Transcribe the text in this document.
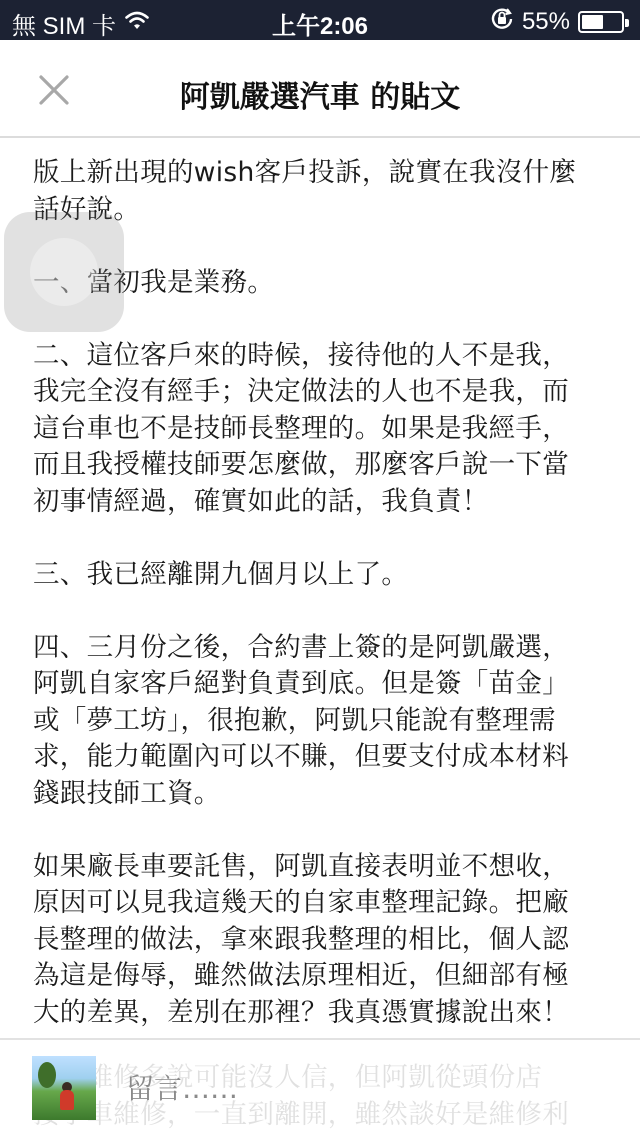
無 SIM 卡	上午2:06	55%
阿凱嚴選汽車 的貼文

版上新出現的wish客戶投訴，說實在我沒什麼
話好說。

一、當初我是業務。

二、這位客戶來的時候，接待他的人不是我，
我完全沒有經手；決定做法的人也不是我，而
這台車也不是技師長整理的。如果是我經手，
而且我授權技師要怎麼做，那麼客戶說一下當
初事情經過，確實如此的話，我負責！

三、我已經離開九個月以上了。

四、三月份之後，合約書上簽的是阿凱嚴選，
阿凱自家客戶絕對負責到底。但是簽「苗金」
或「夢工坊」，很抱歉，阿凱只能說有整理需
求，能力範圍內可以不賺，但要支付成本材料
錢跟技師工資。

如果廠長車要託售，阿凱直接表明並不想收，
原因可以見我這幾天的自家車整理記錄。把廠
長整理的做法，拿來跟我整理的相比，個人認
為這是侮辱，雖然做法原理相近，但細部有極
大的差異，差別在那裡？我真憑實據說出來！

我做維修多說可能沒人信，但阿凱從頭份店
接手車維修，一直到離開，雖然談好是維修利
留言……
